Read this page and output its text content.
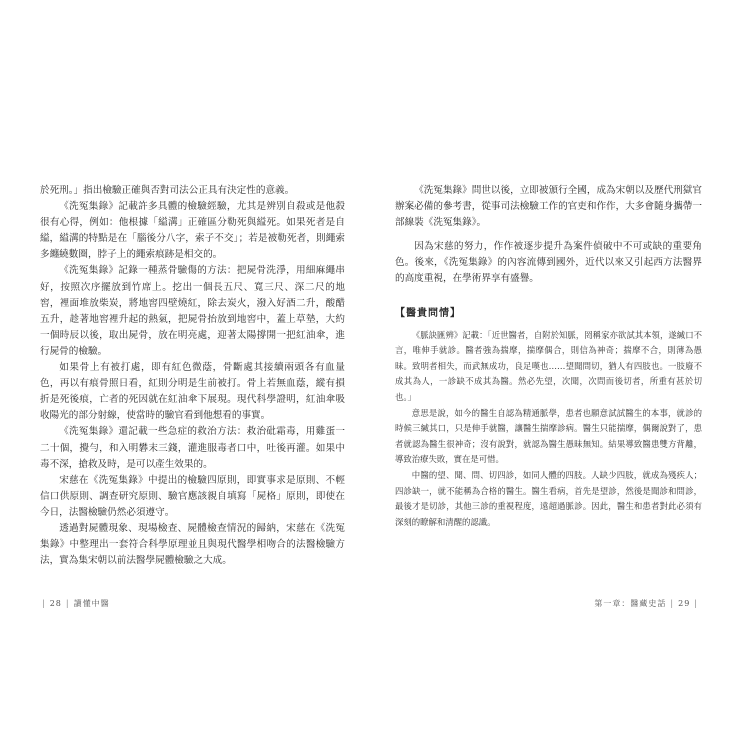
於死刑。」指出檢驗正確與否對司法公正具有決定性的意義。

《洗冤集錄》記載許多具體的檢驗經驗，尤其是辨別自殺或是他殺很有心得，例如：他根據「縊溝」正確區分勒死與縊死。如果死者是自縊，縊溝的特點是在「腦後分八字，索子不交」；若是被勒死者，則繩索多纏繞數圈，脖子上的繩索痕跡是相交的。

《洗冤集錄》記錄一種蒸骨驗傷的方法：把屍骨洗淨，用細麻繩串好，按照次序擺放到竹席上。挖出一個長五尺、寬三尺、深二尺的地窖，裡面堆放柴炭，將地窖四壁燒紅，除去炭火，潑入好酒二升，酸醋五升，趁著地窖裡升起的熱氣，把屍骨抬放到地窖中，蓋上草墊，大約一個時辰以後，取出屍骨，放在明亮處，迎著太陽撐開一把紅油傘，進行屍骨的檢驗。

如果骨上有被打處，即有紅色微蔭，骨斷處其接續兩頭各有血量色，再以有痕骨照日看，紅則分明是生前被打。骨上若無血蔭，縱有損折是死後痕，亡者的死因就在紅油傘下展現。現代科學證明，紅油傘吸收陽光的部分射線，使當時的驗官看到他想看的事實。

《洗冤集錄》還記載一些急症的救治方法：救治砒霜毒，用雞蛋一二十個，攪勻，和入明礬末三錢，灌進服毒者口中，吐後再灌。如果中毒不深，搶救及時，是可以產生效果的。

宋慈在《洗冤集錄》中提出的檢驗四原則，即實事求是原則、不輕信口供原則、調查研究原則、驗官應該親自填寫「屍格」原則，即使在今日，法醫檢驗仍然必須遵守。

透過對屍體現象、現場檢查、屍體檢查情況的歸納，宋慈在《洗冤集錄》中整理出一套符合科學原理並且與現代醫學相吻合的法醫檢驗方法，實為集宋朝以前法醫學屍體檢驗之大成。

| 28 | 讀懂中醫

《洗冤集錄》問世以後，立即被頒行全國，成為宋朝以及歷代刑獄官辦案必備的參考書，從事司法檢驗工作的官吏和作作，大多會隨身攜帶一部線裝《洗冤集錄》。

因為宋慈的努力，作作被逐步提升為案件偵破中不可或缺的重要角色。後來，《洗冤集錄》的內容流傳到國外，近代以來又引起西方法醫界的高度重視，在學術界享有盛譽。

【醫貴問情】

《脈訣匯辨》記載：「近世醫者，自附於知脈，罔稱家亦欲試其本領，遂緘口不言，唯伸手就診。醫者強為揣摩，揣摩偶合，則信為神奇；揣摩不合，則薄為愚昧。致明者相失，而武無成功，良足嘆也……望聞問切，猶人有四肢也。一肢廢不成其為人，一診缺不成其為醫。然必先望，次聞，次問而後切者，所重有甚於切也。」

意思是說，如今的醫生自認為精通脈學，患者也願意試試醫生的本事，就診的時候三緘其口，只是伸手就醫，讓醫生揣摩診病。醫生只能揣摩，偶爾說對了，患者就認為醫生很神奇；沒有說對，就認為醫生愚昧無知。結果導致醫患雙方背離，導致治療失敗，實在是可惜。

中醫的望、聞、問、切四診，如同人體的四肢。人缺少四肢，就成為殘疾人；四診缺一，就不能稱為合格的醫生。醫生看病，首先是望診，然後是聞診和問診，最後才是切診，其他三診的重視程度，遠超過脈診。因此，醫生和患者對此必須有深刻的瞭解和清醒的認識。

第一章：醫藏史話 | 29 |
